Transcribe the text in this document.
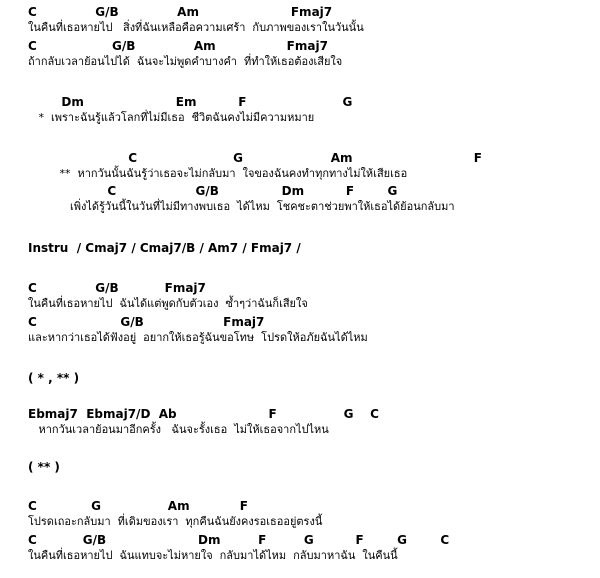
C              G/B              Am                      Fmaj7
ในคืนที่เธอหายไป   สิ่งที่ฉันเหลือคือความเศร้า  กับภาพของเราในวันนั้น
C                  G/B              Am                 Fmaj7
ถ้ากลับเวลาย้อนไปได้  ฉันจะไม่พูดคำบางคำ  ที่ทำให้เธอต้องเสียใจ
Dm                      Em          F                       G
*  เพราะฉันรู้แล้วโลกที่ไม่มีเธอ  ชีวิตฉันคงไม่มีความหมาย
C                       G                     Am                             F
**  หากวันนั้นฉันรู้ว่าเธอจะไม่กลับมา  ใจของฉันคงทำทุกทางไม่ให้เสียเธอ
C                   G/B               Dm          F        G
เพิ่งได้รู้วันนี้ในวันที่ไม่มีทางพบเธอ  ได้ไหม  โชคชะตาช่วยพาให้เธอได้ย้อนกลับมา
Instru  / Cmaj7 / Cmaj7/B / Am7 / Fmaj7 /
C              G/B           Fmaj7
ในคืนที่เธอหายไป  ฉันได้แต่พูดกับตัวเอง  ซ้ำๆว่าฉันก็เสียใจ
C                    G/B                   Fmaj7
และหากว่าเธอได้ฟังอยู่  อยากให้เธอรู้ฉันขอโทษ  โปรดให้อภัยฉันได้ไหม
( * , ** )
Ebmaj7  Ebmaj7/D  Ab                      F                G    C
หากวันเวลาย้อนมาอีกครั้ง   ฉันจะรั้งเธอ  ไม่ให้เธอจากไปไหน
( ** )
C             G                Am            F
โปรดเถอะกลับมา  ที่เดิมของเรา  ทุกคืนฉันยังคงรอเธออยู่ตรงนี้
C           G/B                      Dm         F         G          F        G        C
ในคืนที่เธอหายไป  ฉันแทบจะไม่หายใจ  กลับมาได้ไหม  กลับมาหาฉัน  ในคืนนี้
